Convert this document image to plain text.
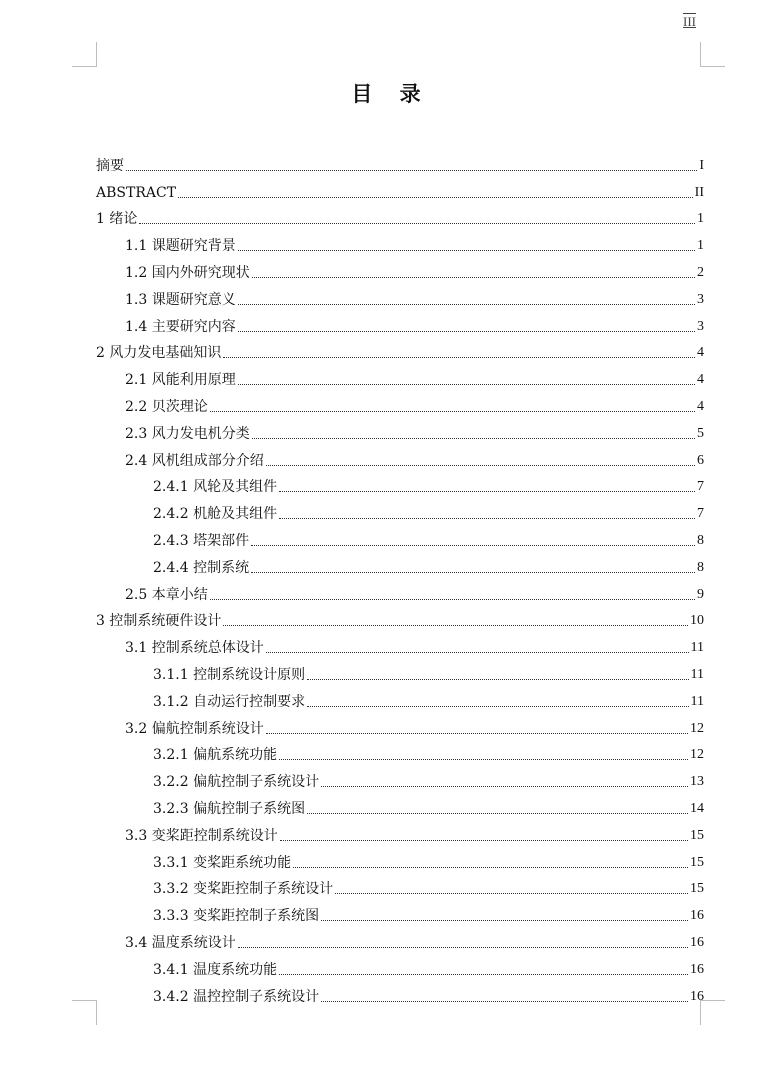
III
目 录
摘要	I
ABSTRACT	II
1 绪论	1
1.1 课题研究背景	1
1.2 国内外研究现状	2
1.3 课题研究意义	3
1.4 主要研究内容	3
2 风力发电基础知识	4
2.1 风能利用原理	4
2.2 贝茨理论	4
2.3 风力发电机分类	5
2.4 风机组成部分介绍	6
2.4.1 风轮及其组件	7
2.4.2 机舱及其组件	7
2.4.3 塔架部件	8
2.4.4 控制系统	8
2.5 本章小结	9
3 控制系统硬件设计	10
3.1 控制系统总体设计	11
3.1.1 控制系统设计原则	11
3.1.2 自动运行控制要求	11
3.2 偏航控制系统设计	12
3.2.1 偏航系统功能	12
3.2.2 偏航控制子系统设计	13
3.2.3 偏航控制子系统图	14
3.3 变桨距控制系统设计	15
3.3.1 变桨距系统功能	15
3.3.2 变桨距控制子系统设计	15
3.3.3 变桨距控制子系统图	16
3.4 温度系统设计	16
3.4.1 温度系统功能	16
3.4.2 温控控制子系统设计	16
